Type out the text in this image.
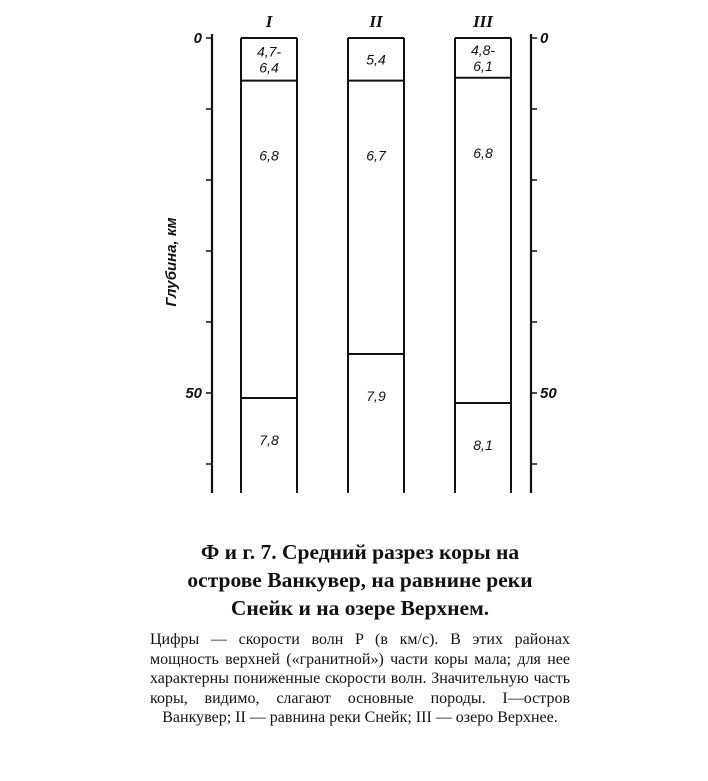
0
50
0
50
Глубина, км
I
4,7-6,4
6,8
7,8
II
5,4
6,7
7,9
III
4,8-6,1
6,8
8,1
Ф и г. 7. Средний разрез коры на
острове Ванкувер, на равнине реки
Снейк и на озере Верхнем.
Цифры — скорости волн P (в км/с). В этих районах мощность верхней («гранитной») части коры мала; для нее характерны пониженные скорости волн. Значительную часть коры, видимо, слагают основные породы. I—остров Ванкувер; II — равнина реки Снейк; III — озеро Верхнее.
